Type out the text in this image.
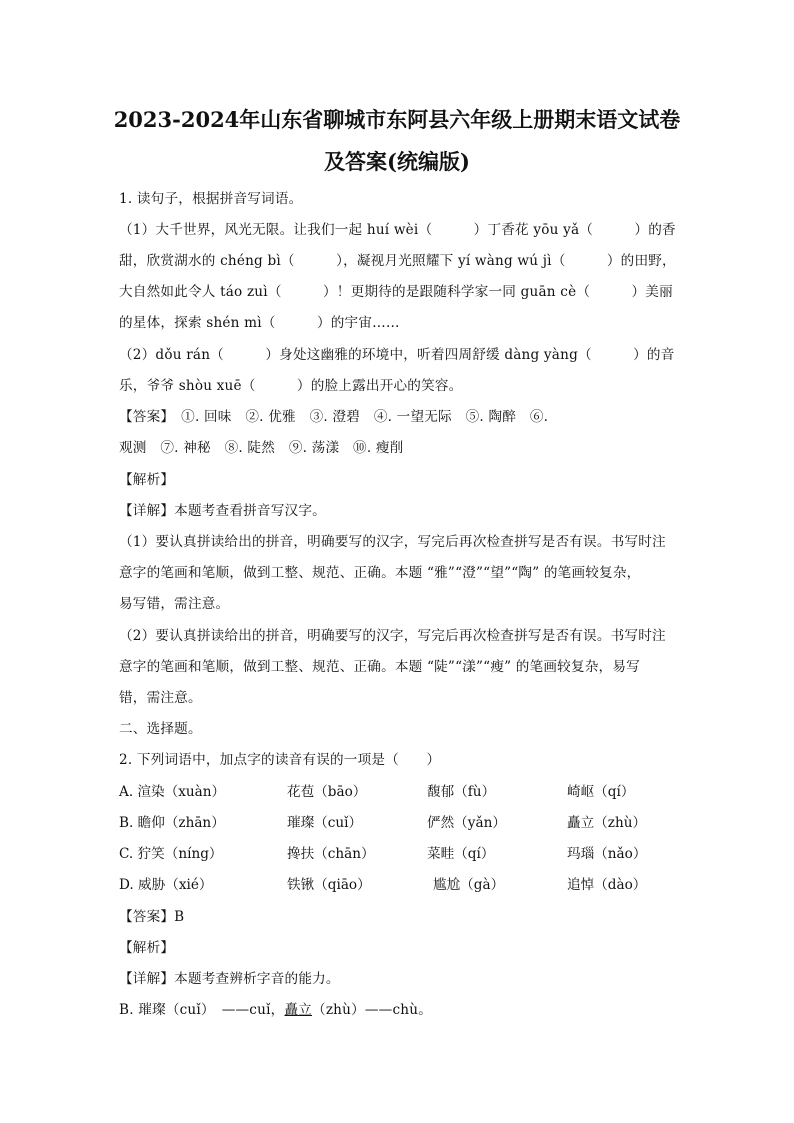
2023-2024年山东省聊城市东阿县六年级上册期末语文试卷
及答案(统编版)
1. 读句子，根据拼音写词语。
（1）大千世界，风光无限。让我们一起 huí wèi（　　　）丁香花 yōu yǎ（　　　）的香
甜，欣赏湖水的 chéng bì（　　　），凝视月光照耀下 yí wàng wú jì（　　　）的田野，
大自然如此令人 táo zuì（　　　）！更期待的是跟随科学家一同 guān cè（　　　）美丽
的星体，探索 shén mì（　　　）的宇宙……
（2）dǒu rán（　　　）身处这幽雅的环境中，听着四周舒缓 dàng yàng（　　　）的音
乐，爷爷 shòu xuē（　　　）的脸上露出开心的笑容。
【答案】　①. 回味　②. 优雅　③. 澄碧　④. 一望无际　⑤. 陶醉　⑥.
观测　⑦. 神秘　⑧. 陡然　⑨. 荡漾　⑩. 瘦削
【解析】
【详解】本题考查看拼音写汉字。
（1）要认真拼读给出的拼音，明确要写的汉字，写完后再次检查拼写是否有误。书写时注
意字的笔画和笔顺，做到工整、规范、正确。本题 “雅”“澄”“望”“陶” 的笔画较复杂，
易写错，需注意。
（2）要认真拼读给出的拼音，明确要写的汉字，写完后再次检查拼写是否有误。书写时注
意字的笔画和笔顺，做到工整、规范、正确。本题 “陡”“漾”“瘦” 的笔画较复杂，易写
错，需注意。
二、选择题。
2. 下列词语中，加点字的读音有误的一项是（　　）
A. 渲染（xuàn）	花苞（bāo）	馥郁（fù）	崎岖（qí）
B. 瞻仰（zhān）	璀璨（cuǐ）	俨然（yǎn）	矗立（zhù）
C. 狞笑（níng）	搀扶（chān）	菜畦（qí）	玛瑙（nǎo）
D. 威胁（xié）	铁锹（qiāo）	尴尬（gà）	追悼（dào）
【答案】B
【解析】
【详解】本题考查辨析字音的能力。
B. 璀璨（cuǐ）　——cuǐ，矗立（zhù）——chù。
